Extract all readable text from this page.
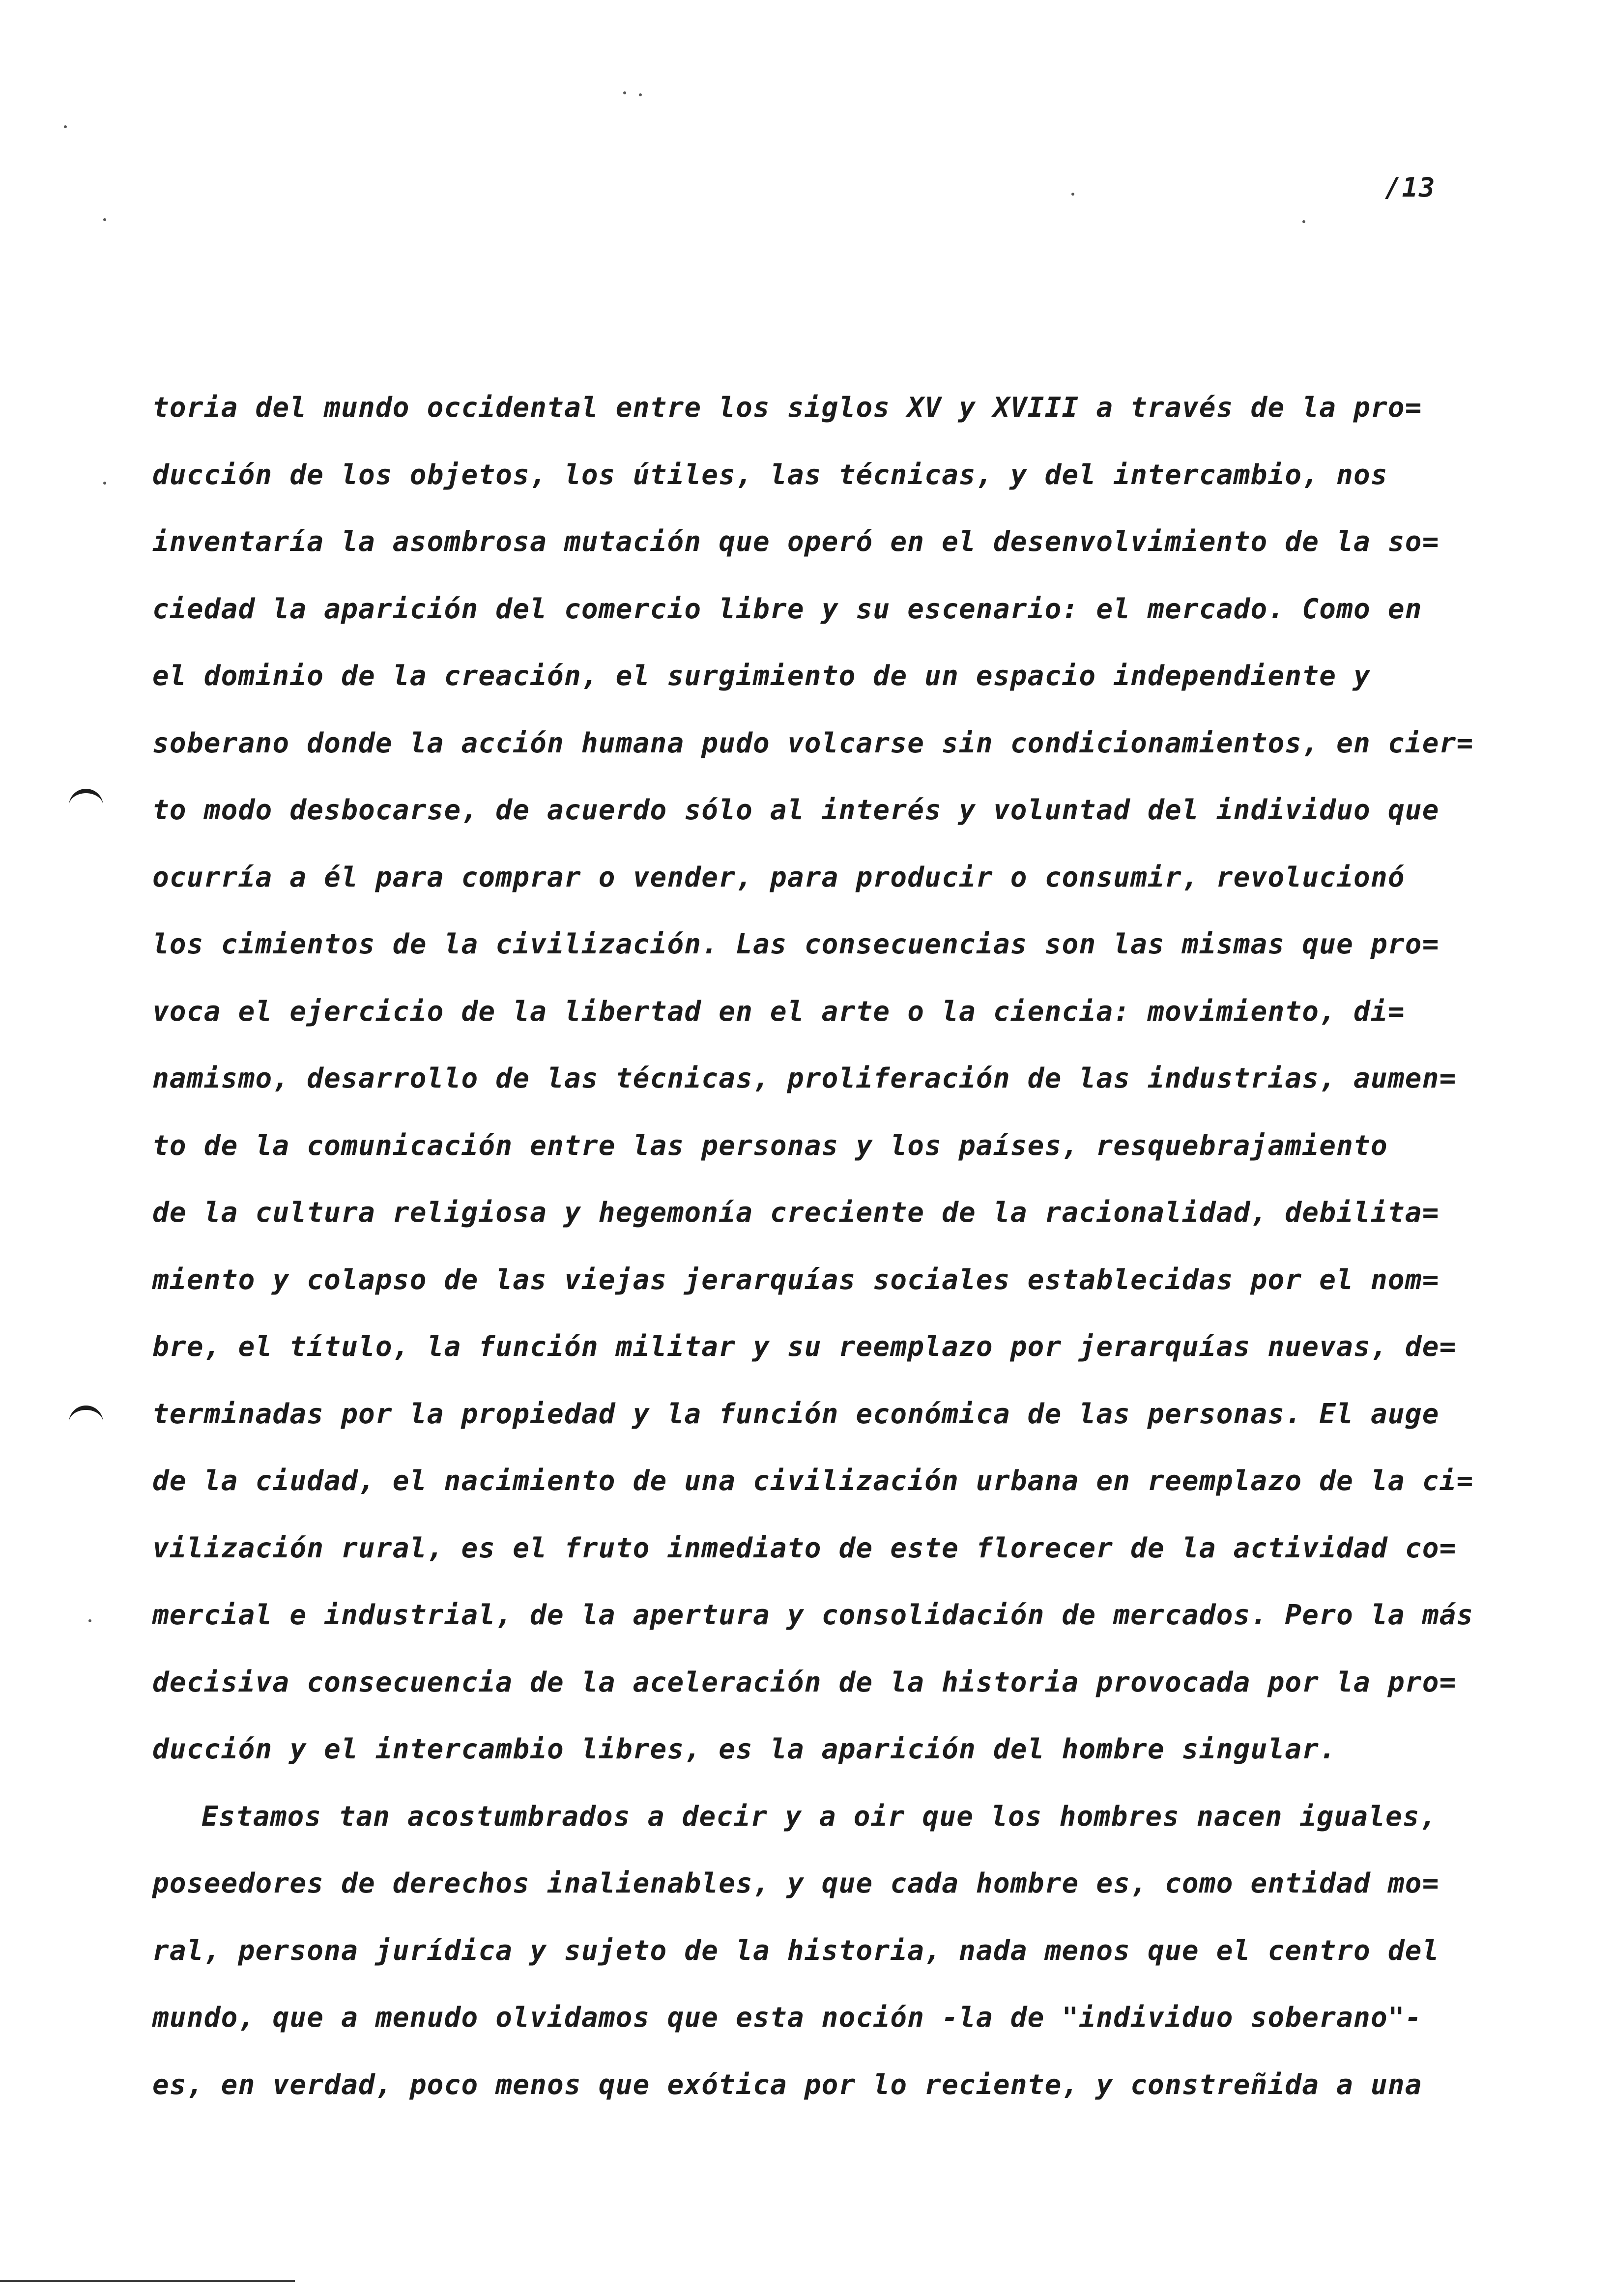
/13
toria del mundo occidental entre los siglos XV y XVIII a través de la pro=
ducción de los objetos, los útiles, las técnicas, y del intercambio, nos
inventaría la asombrosa mutación que operó en el desenvolvimiento de la so=
ciedad la aparición del comercio libre y su escenario: el mercado. Como en
el dominio de la creación, el surgimiento de un espacio independiente y
soberano donde la acción humana pudo volcarse sin condicionamientos, en cier=
to modo desbocarse, de acuerdo sólo al interés y voluntad del individuo que
ocurría a él para comprar o vender, para producir o consumir, revolucionó
los cimientos de la civilización. Las consecuencias son las mismas que pro=
voca el ejercicio de la libertad en el arte o la ciencia: movimiento, di=
namismo, desarrollo de las técnicas, proliferación de las industrias, aumen=
to de la comunicación entre las personas y los países, resquebrajamiento
de la cultura religiosa y hegemonía creciente de la racionalidad, debilita=
miento y colapso de las viejas jerarquías sociales establecidas por el nom=
bre, el título, la función militar y su reemplazo por jerarquías nuevas, de=
terminadas por la propiedad y la función económica de las personas. El auge
de la ciudad, el nacimiento de una civilización urbana en reemplazo de la ci=
vilización rural, es el fruto inmediato de este florecer de la actividad co=
mercial e industrial, de la apertura y consolidación de mercados. Pero la más
decisiva consecuencia de la aceleración de la historia provocada por la pro=
ducción y el intercambio libres, es la aparición del hombre singular.
Estamos tan acostumbrados a decir y a oir que los hombres nacen iguales,
poseedores de derechos inalienables, y que cada hombre es, como entidad mo=
ral, persona jurídica y sujeto de la historia, nada menos que el centro del
mundo, que a menudo olvidamos que esta noción -la de "individuo soberano"-
es, en verdad, poco menos que exótica por lo reciente, y constreñida a una
